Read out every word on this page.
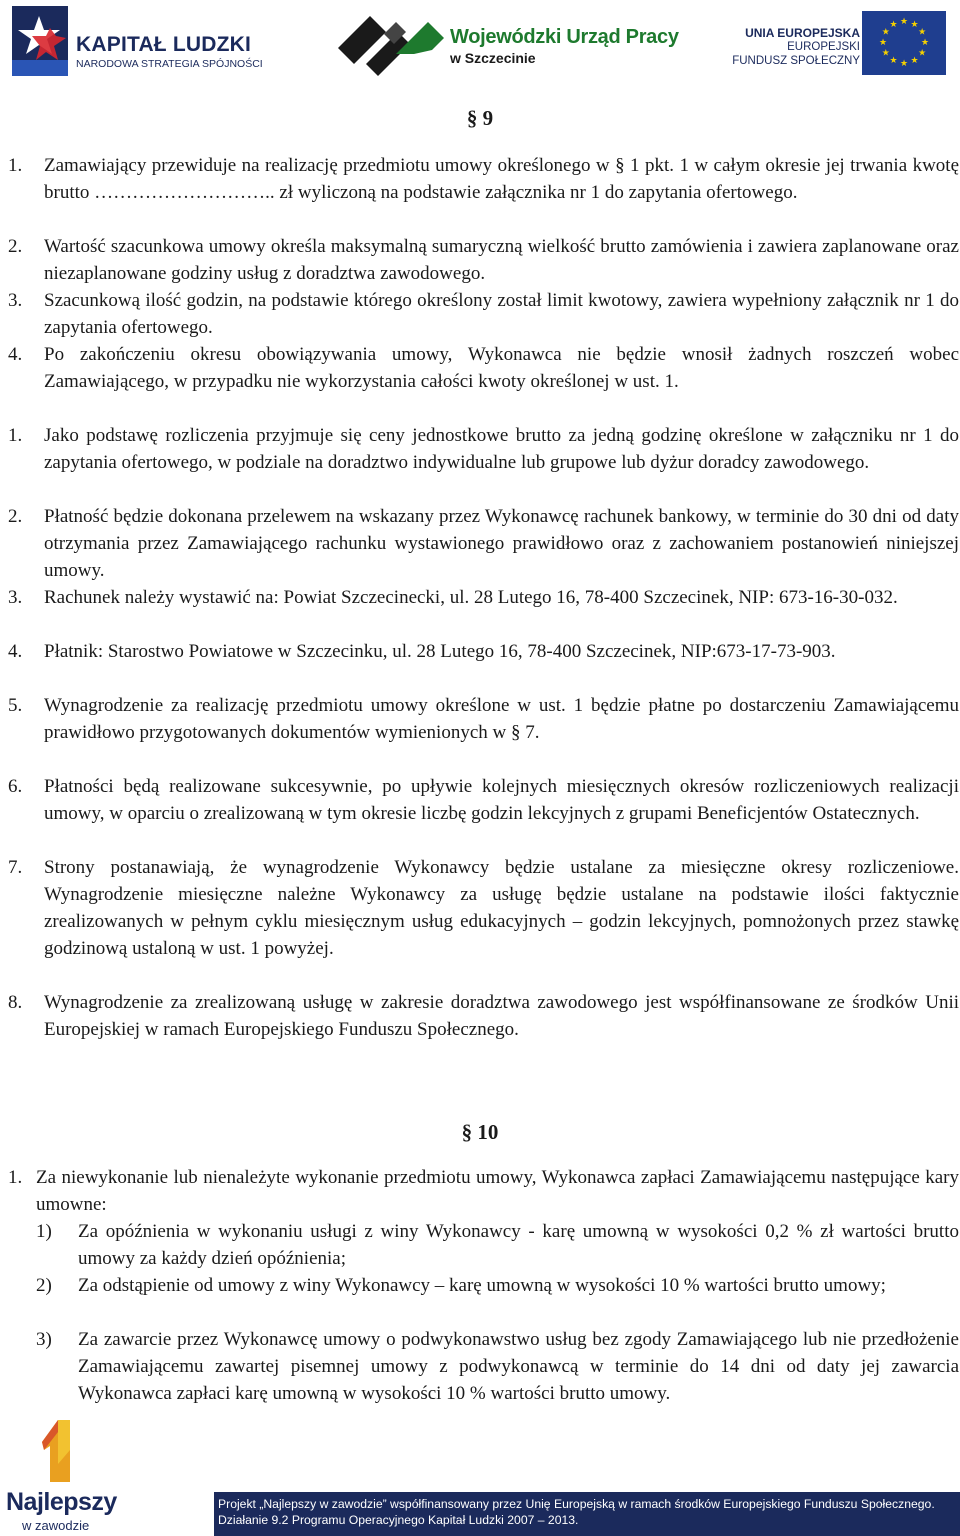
KAPITAŁ LUDZKI
NARODOWA STRATEGIA SPÓJNOŚCI
Wojewódzki Urząd Pracy
w Szczecinie
UNIA EUROPEJSKA
EUROPEJSKI
FUNDUSZ SPOŁECZNY
★ ★
★
★
★
★
★
★
★
★
★
★
§ 9

1. Zamawiający przewiduje na realizację przedmiotu umowy określonego w § 1 pkt. 1 w całym okresie jej trwania kwotę brutto ……………………….. zł wyliczoną na podstawie załącznika nr 1 do zapytania ofertowego.

2. Wartość szacunkowa umowy określa maksymalną sumaryczną wielkość brutto zamówienia i zawiera zaplanowane oraz niezaplanowane godziny usług z doradztwa zawodowego.

3. Szacunkową ilość godzin, na podstawie którego określony został limit kwotowy, zawiera wypełniony załącznik nr 1 do zapytania ofertowego.

4. Po zakończeniu okresu obowiązywania umowy, Wykonawca nie będzie wnosił żadnych roszczeń wobec Zamawiającego, w przypadku nie wykorzystania całości kwoty określonej w ust. 1.

1. Jako podstawę rozliczenia przyjmuje się ceny jednostkowe brutto za jedną godzinę określone w załączniku nr 1 do zapytania ofertowego, w podziale na doradztwo indywidualne lub grupowe lub dyżur doradcy zawodowego.

2. Płatność będzie dokonana przelewem na wskazany przez Wykonawcę rachunek bankowy, w terminie do 30 dni od daty otrzymania przez Zamawiającego rachunku wystawionego prawidłowo oraz z zachowaniem postanowień niniejszej umowy.

3. Rachunek należy wystawić na: Powiat Szczecinecki, ul. 28 Lutego 16, 78-400 Szczecinek, NIP: 673-16-30-032.

4. Płatnik: Starostwo Powiatowe w Szczecinku, ul. 28 Lutego 16, 78-400 Szczecinek, NIP:673-17-73-903.

5. Wynagrodzenie za realizację przedmiotu umowy określone w ust. 1 będzie płatne po dostarczeniu Zamawiającemu prawidłowo przygotowanych dokumentów wymienionych w § 7.

6. Płatności będą realizowane sukcesywnie, po upływie kolejnych miesięcznych okresów rozliczeniowych realizacji umowy, w oparciu o zrealizowaną w tym okresie liczbę godzin lekcyjnych z grupami Beneficjentów Ostatecznych.

7. Strony postanawiają, że wynagrodzenie Wykonawcy będzie ustalane za miesięczne okresy rozliczeniowe. Wynagrodzenie miesięczne należne Wykonawcy za usługę będzie ustalane na podstawie ilości faktycznie zrealizowanych w pełnym cyklu miesięcznym usług edukacyjnych – godzin lekcyjnych, pomnożonych przez stawkę godzinową ustaloną w ust. 1 powyżej.

8. Wynagrodzenie za zrealizowaną usługę w zakresie doradztwa zawodowego jest współfinansowane ze środków Unii Europejskiej w ramach Europejskiego Funduszu Społecznego.

§ 10

1. Za niewykonanie lub nienależyte wykonanie przedmiotu umowy, Wykonawca zapłaci Zamawiającemu następujące kary umowne:

1) Za opóźnienia w wykonaniu usługi z winy Wykonawcy - karę umowną w wysokości 0,2 % zł wartości brutto umowy za każdy dzień opóźnienia;

2) Za odstąpienie od umowy z winy Wykonawcy – karę umowną w wysokości 10 % wartości brutto umowy;

3) Za zawarcie przez Wykonawcę umowy o podwykonawstwo usług bez zgody Zamawiającego lub nie przedłożenie Zamawiającemu zawartej pisemnej umowy z podwykonawcą w terminie do 14 dni od daty jej zawarcia Wykonawca zapłaci karę umowną w wysokości 10 % wartości brutto umowy.

Najlepszy
w zawodzie
Projekt „Najlepszy w zawodzie” współfinansowany przez Unię Europejską w ramach środków Europejskiego Funduszu Społecznego.
Działanie 9.2 Programu Operacyjnego Kapitał Ludzki 2007 – 2013.
